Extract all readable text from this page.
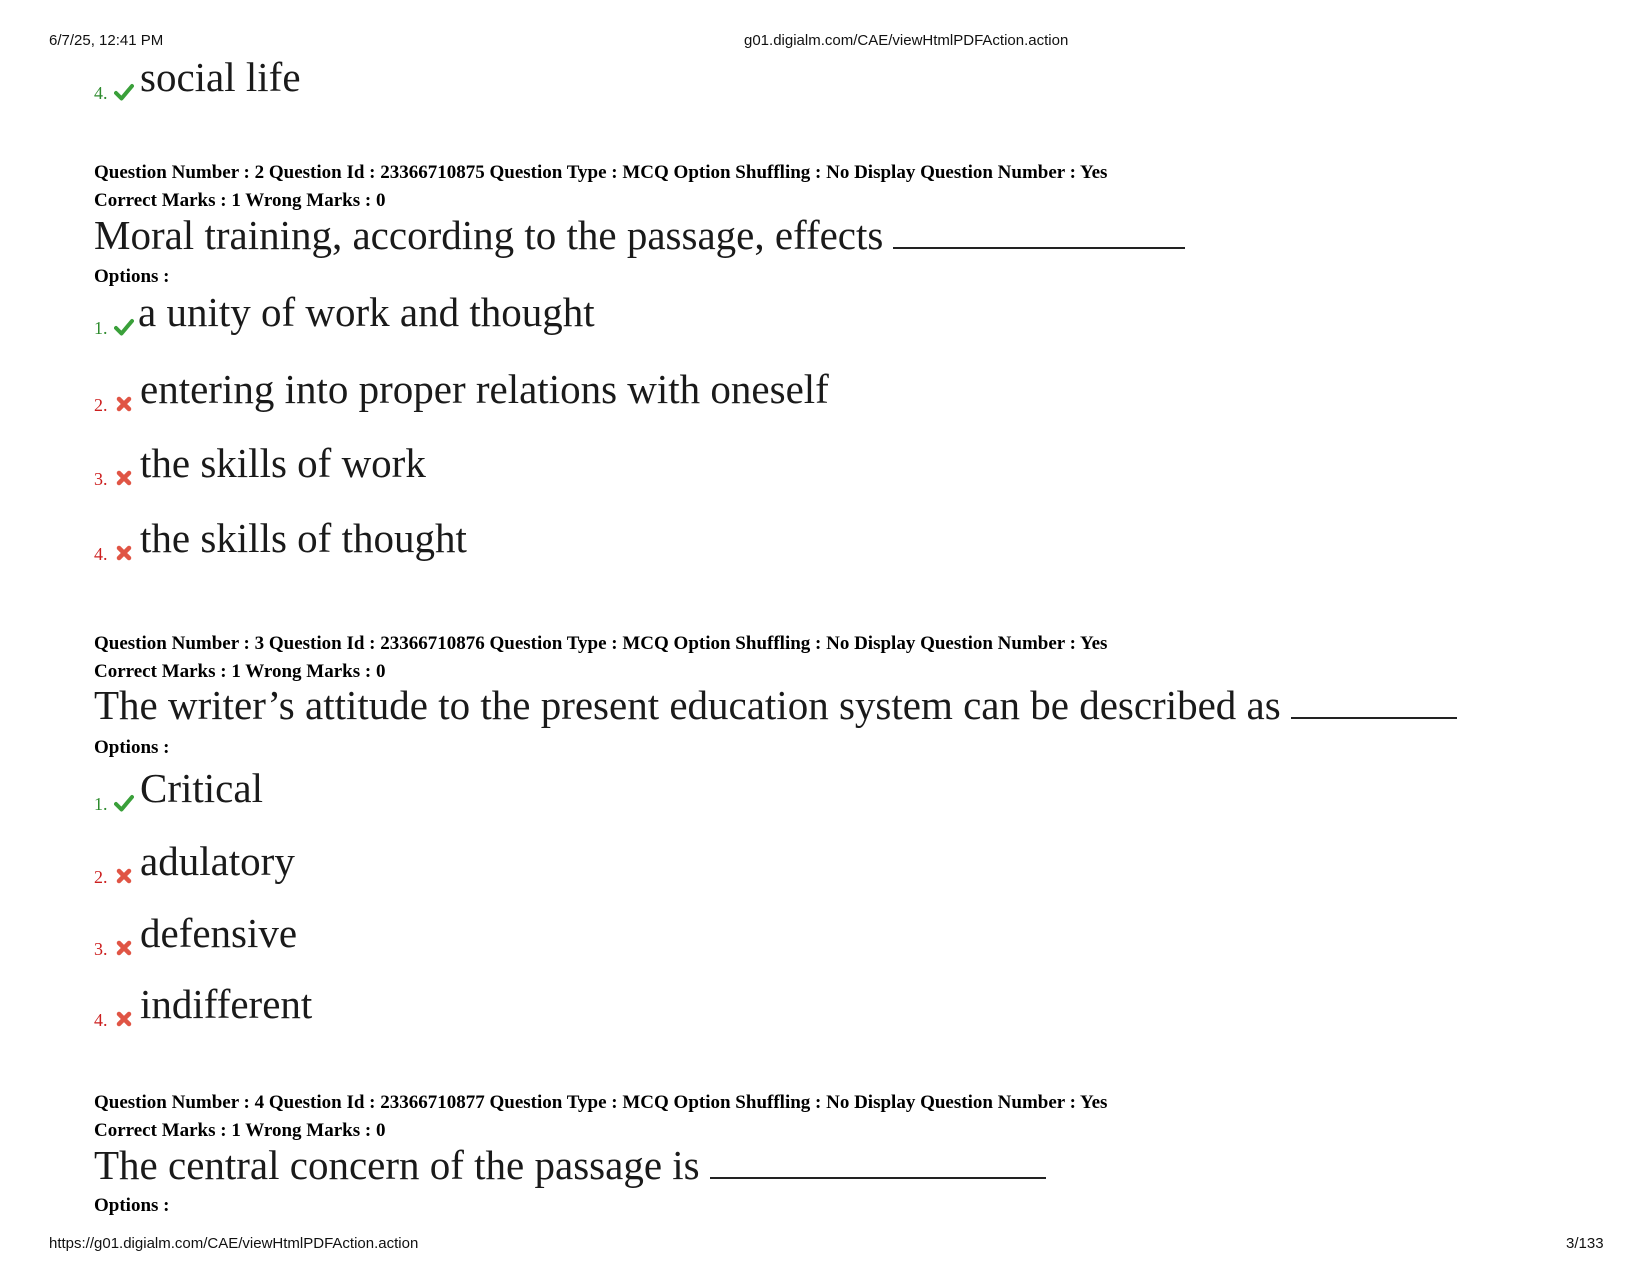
6/7/25, 12:41 PM	g01.digialm.com/CAE/viewHtmlPDFAction.action
4. social life
Question Number : 2 Question Id : 23366710875 Question Type : MCQ Option Shuffling : No Display Question Number : Yes
Correct Marks : 1 Wrong Marks : 0
Moral training, according to the passage, effects
Options :
1. a unity of work and thought
2. entering into proper relations with oneself
3. the skills of work
4. the skills of thought
Question Number : 3 Question Id : 23366710876 Question Type : MCQ Option Shuffling : No Display Question Number : Yes
Correct Marks : 1 Wrong Marks : 0
The writer’s attitude to the present education system can be described as
Options :
1. Critical
2. adulatory
3. defensive
4. indifferent
Question Number : 4 Question Id : 23366710877 Question Type : MCQ Option Shuffling : No Display Question Number : Yes
Correct Marks : 1 Wrong Marks : 0
The central concern of the passage is
Options :
https://g01.digialm.com/CAE/viewHtmlPDFAction.action	3/133
